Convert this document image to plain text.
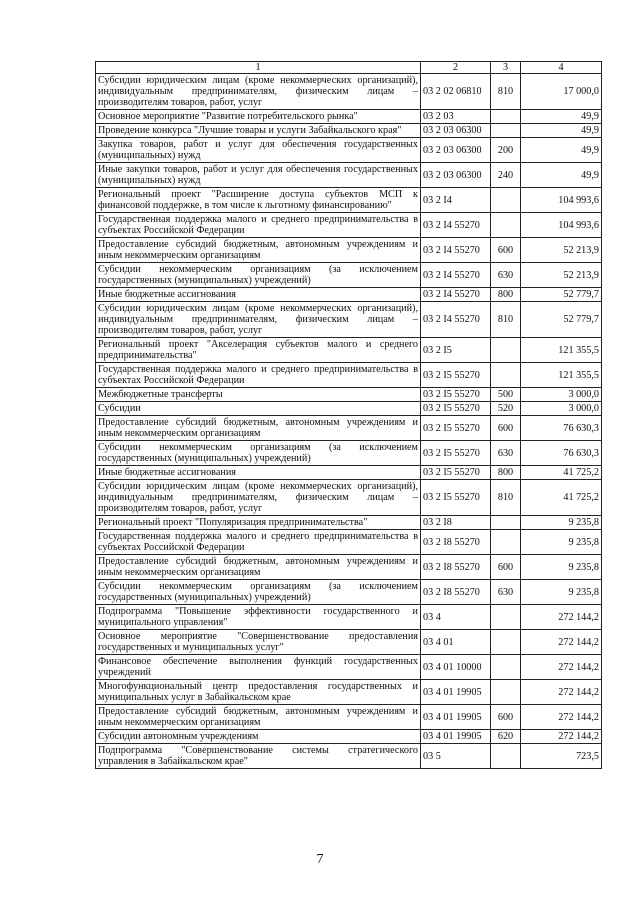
1	2	3	4
Субсидии юридическим лицам (кроме некоммерческих организаций), индивидуальным предпринимателям, физическим лицам – производителям товаров, работ, услуг	03 2 02 06810	810	17 000,0
Основное мероприятие "Развитие потребительского рынка"	03 2 03		49,9
Проведение конкурса "Лучшие товары и услуги Забайкальского края"	03 2 03 06300		49,9
Закупка товаров, работ и услуг для обеспечения государственных (муниципальных) нужд	03 2 03 06300	200	49,9
Иные закупки товаров, работ и услуг для обеспечения государственных (муниципальных) нужд	03 2 03 06300	240	49,9
Региональный проект "Расширение доступа субъектов МСП к финансовой поддержке, в том числе к льготному финансированию"	03 2 I4		104 993,6
Государственная поддержка малого и среднего предпринимательства в субъектах Российской Федерации	03 2 I4 55270		104 993,6
Предоставление субсидий бюджетным, автономным учреждениям и иным некоммерческим организациям	03 2 I4 55270	600	52 213,9
Субсидии некоммерческим организациям (за исключением государственных (муниципальных) учреждений)	03 2 I4 55270	630	52 213,9
Иные бюджетные ассигнования	03 2 I4 55270	800	52 779,7
Субсидии юридическим лицам (кроме некоммерческих организаций), индивидуальным предпринимателям, физическим лицам – производителям товаров, работ, услуг	03 2 I4 55270	810	52 779,7
Региональный проект "Акселерация субъектов малого и среднего предпринимательства"	03 2 I5		121 355,5
Государственная поддержка малого и среднего предпринимательства в субъектах Российской Федерации	03 2 I5 55270		121 355,5
Межбюджетные трансферты	03 2 I5 55270	500	3 000,0
Субсидии	03 2 I5 55270	520	3 000,0
Предоставление субсидий бюджетным, автономным учреждениям и иным некоммерческим организациям	03 2 I5 55270	600	76 630,3
Субсидии некоммерческим организациям (за исключением государственных (муниципальных) учреждений)	03 2 I5 55270	630	76 630,3
Иные бюджетные ассигнования	03 2 I5 55270	800	41 725,2
Субсидии юридическим лицам (кроме некоммерческих организаций), индивидуальным предпринимателям, физическим лицам – производителям товаров, работ, услуг	03 2 I5 55270	810	41 725,2
Региональный проект "Популяризация предпринимательства"	03 2 I8		9 235,8
Государственная поддержка малого и среднего предпринимательства в субъектах Российской Федерации	03 2 I8 55270		9 235,8
Предоставление субсидий бюджетным, автономным учреждениям и иным некоммерческим организациям	03 2 I8 55270	600	9 235,8
Субсидии некоммерческим организациям (за исключением государственных (муниципальных) учреждений)	03 2 I8 55270	630	9 235,8
Подпрограмма "Повышение эффективности государственного и муниципального управления"	03 4		272 144,2
Основное мероприятие "Совершенствование предоставления государственных и муниципальных услуг"	03 4 01		272 144,2
Финансовое обеспечение выполнения функций государственных учреждений	03 4 01 10000		272 144,2
Многофункциональный центр предоставления государственных и муниципальных услуг в Забайкальском крае	03 4 01 19905		272 144,2
Предоставление субсидий бюджетным, автономным учреждениям и иным некоммерческим организациям	03 4 01 19905	600	272 144,2
Субсидии автономным учреждениям	03 4 01 19905	620	272 144,2
Подпрограмма "Совершенствование системы стратегического управления в Забайкальском крае"	03 5		723,5
7
